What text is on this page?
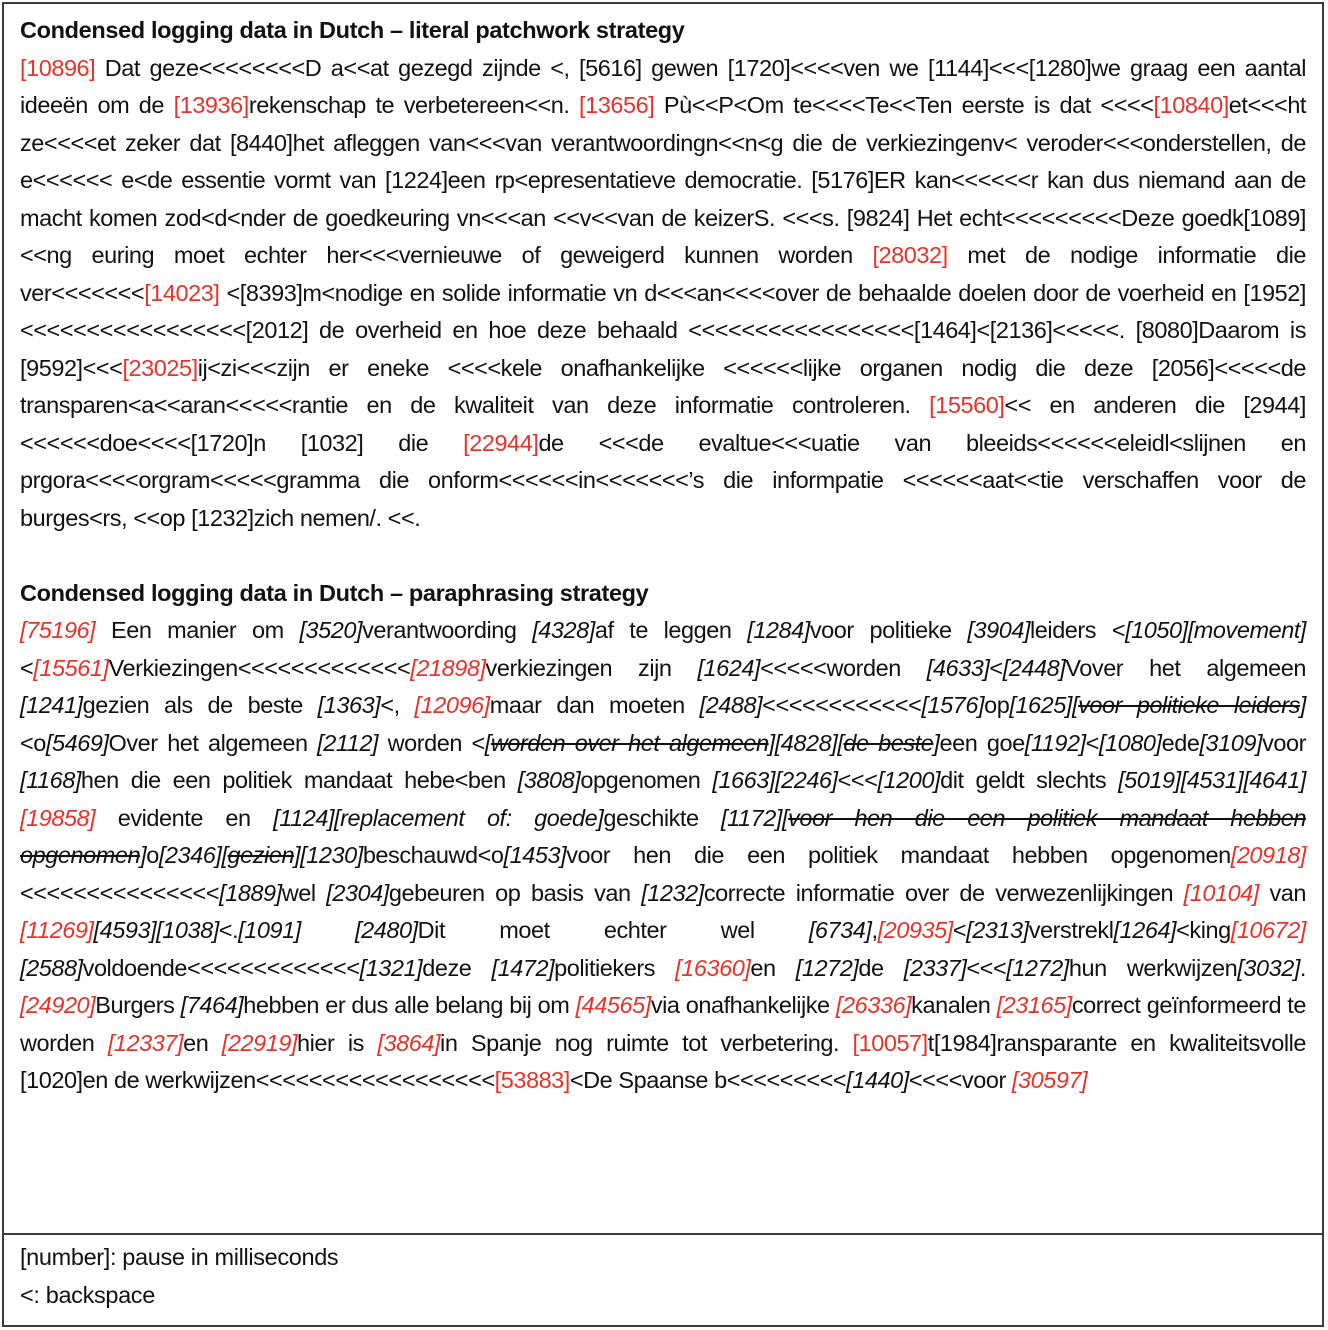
Condensed logging data in Dutch – literal patchwork strategy

[10896] Dat geze<<<<<<<<D a<<at gezegd zijnde <, [5616] gewen [1720]<<<<ven we [1144]<<<[1280]we graag een aantal ideeën om de [13936]rekenschap te verbetereen<<n. [13656] Pù<<P<Om te<<<<Te<<Ten eerste is dat <<<<[10840]et<<<ht ze<<<<et zeker dat [8440]het afleggen van<<<van verantwoordingn<<n<g die de verkiezingenv< veroder<<<onderstellen, de e<<<<<< e<de essentie vormt van [1224]een rp<epresentatieve democratie. [5176]ER kan<<<<<<r kan dus niemand aan de macht komen zod<d<nder de goedkeuring vn<<<an <<v<<van de keizerS. <<<s. [9824] Het echt<<<<<<<<<Deze goedk[1089]<<ng euring moet echter her<<<vernieuwe of geweigerd kunnen worden [28032] met de nodige informatie die ver<<<<<<<[14023] <[8393]m<nodige en solide informatie vn d<<<an<<<<over de behaalde doelen door de voerheid en [1952]<<<<<<<<<<<<<<<<<[2012] de overheid en hoe deze behaald <<<<<<<<<<<<<<<<<[1464]<[2136]<<<<<. [8080]Daarom is [9592]<<<[23025]ij<zi<<<zijn er eneke <<<<kele onafhankelijke <<<<<<lijke organen nodig die deze [2056]<<<<<de transparen<a<<aran<<<<<rantie en de kwaliteit van deze informatie controleren. [15560]<< en anderen die [2944]<<<<<<doe<<<<[1720]n [1032] die [22944]de <<<de evaltue<<<uatie van bleeids<<<<<<eleidl<slijnen en prgora<<<<orgram<<<<<gramma die onform<<<<<<in<<<<<<<’s die informpatie <<<<<<aat<<tie verschaffen voor de burges<rs, <<op [1232]zich nemen/. <<.

Condensed logging data in Dutch – paraphrasing strategy

[75196] Een manier om [3520]verantwoording [4328]af te leggen [1284]voor politieke [3904]leiders <[1050][movement]<[15561]Verkiezingen<<<<<<<<<<<<<[21898]verkiezingen zijn [1624]<<<<<worden [4633]<[2448]Vover het algemeen [1241]gezien als de beste [1363]<, [12096]maar dan moeten [2488]<<<<<<<<<<<<[1576]op[1625][voor politieke leiders]<o[5469]Over het algemeen [2112] worden <[worden over het algemeen][4828][de beste]een goe[1192]<[1080]ede[3109]voor [1168]hen die een politiek mandaat hebe<ben [3808]opgenomen [1663][2246]<<<[1200]dit geldt slechts [5019][4531][4641][19858] evidente en [1124][replacement of: goede]geschikte [1172][voor hen die een politiek mandaat hebben opgenomen]o[2346][gezien][1230]beschauwd<o[1453]voor hen die een politiek mandaat hebben opgenomen[20918]<<<<<<<<<<<<<<<[1889]wel [2304]gebeuren op basis van [1232]correcte informatie over de verwezenlijkingen [10104] van [11269][4593][1038]<.[1091] [2480]Dit moet echter wel [6734],[20935]<[2313]verstrekl[1264]<king[10672][2588]voldoende<<<<<<<<<<<<<[1321]deze [1472]politiekers [16360]en [1272]de [2337]<<<[1272]hun werkwijzen[3032]. [24920]Burgers [7464]hebben er dus alle belang bij om [44565]via onafhankelijke [26336]kanalen [23165]correct geïnformeerd te worden [12337]en [22919]hier is [3864]in Spanje nog ruimte tot verbetering. [10057]t[1984]ransparante en kwaliteitsvolle [1020]en de werkwijzen<<<<<<<<<<<<<<<<<<[53883]<De Spaanse b<<<<<<<<<[1440]<<<<voor [30597]

[number]: pause in milliseconds

<: backspace
